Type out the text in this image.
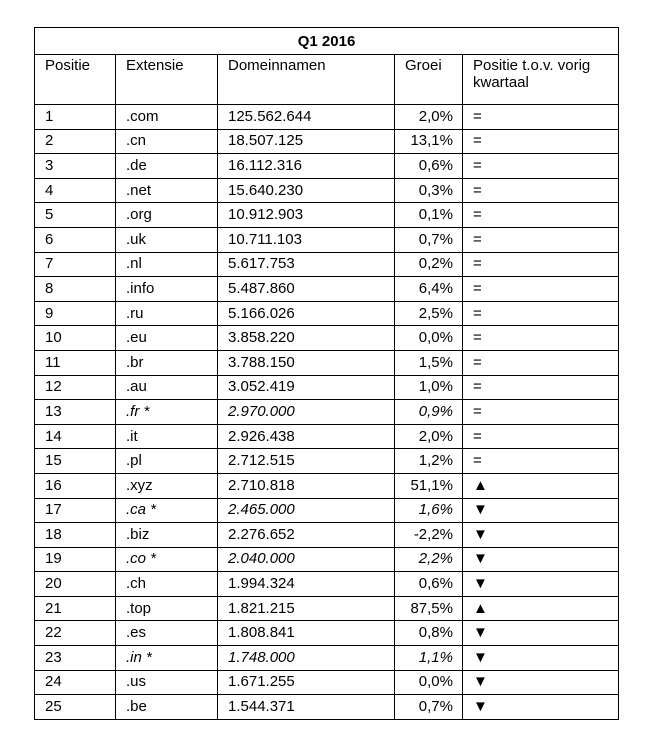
Q1 2016				
Positie	Extensie	Domeinnamen	Groei	Positie t.o.v. vorig kwartaal
1	.com	125.562.644	2,0%	=
2	.cn	18.507.125	13,1%	=
3	.de	16.112.316	0,6%	=
4	.net	15.640.230	0,3%	=
5	.org	10.912.903	0,1%	=
6	.uk	10.711.103	0,7%	=
7	.nl	5.617.753	0,2%	=
8	.info	5.487.860	6,4%	=
9	.ru	5.166.026	2,5%	=
10	.eu	3.858.220	0,0%	=
11	.br	3.788.150	1,5%	=
12	.au	3.052.419	1,0%	=
13	.fr *	2.970.000	0,9%	=
14	.it	2.926.438	2,0%	=
15	.pl	2.712.515	1,2%	=
16	.xyz	2.710.818	51,1%	▲
17	.ca *	2.465.000	1,6%	▼
18	.biz	2.276.652	-2,2%	▼
19	.co *	2.040.000	2,2%	▼
20	.ch	1.994.324	0,6%	▼
21	.top	1.821.215	87,5%	▲
22	.es	1.808.841	0,8%	▼
23	.in *	1.748.000	1,1%	▼
24	.us	1.671.255	0,0%	▼
25	.be	1.544.371	0,7%	▼
